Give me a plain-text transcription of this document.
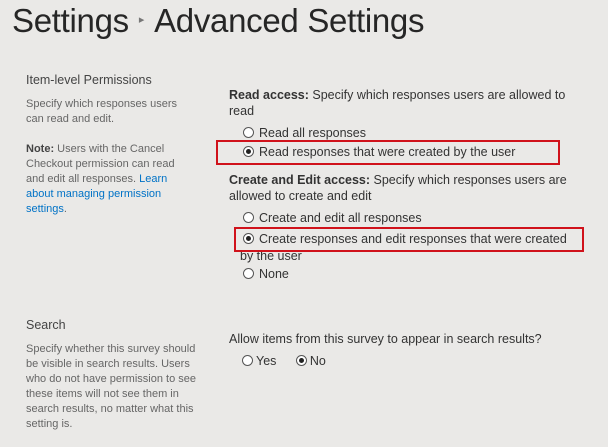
Settings ▸ Advanced Settings

Item-level Permissions

Specify which responses users can read and edit.

Note: Users with the Cancel Checkout permission can read and edit all responses. Learn about managing permission settings.

Read access: Specify which responses users are allowed to read
Read all responses
Read responses that were created by the user
Create and Edit access: Specify which responses users are allowed to create and edit
Create and edit all responses
Create responses and edit responses that were created
by the user
None

Search

Specify whether this survey should be visible in search results. Users who do not have permission to see these items will not see them in search results, no matter what this setting is.

Allow items from this survey to appear in search results?
Yes	No
